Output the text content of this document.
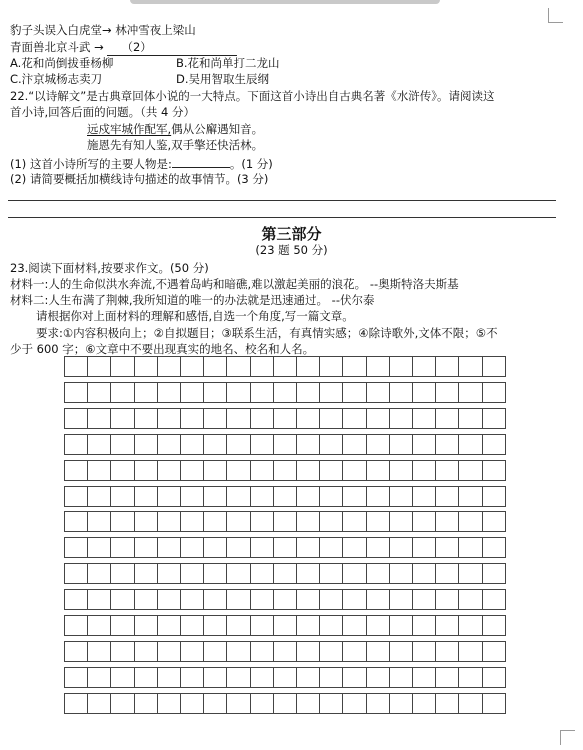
豹子头误入白虎堂→ 林冲雪夜上梁山
青面兽北京斗武 → （2）
A.花和尚倒拔垂杨柳	B.花和尚单打二龙山
C.汴京城杨志卖刀	D.吴用智取生辰纲
22.“以诗解文”是古典章回体小说的一大特点。下面这首小诗出自古典名著《水浒传》。请阅读这
首小诗,回答后面的问题。（共 4 分）
远戍牢城作配军,偶从公廨遇知音。
施恩先有知人鉴,双手擎还快活林。
(1) 这首小诗所写的主要人物是:	。(1 分)
(2) 请简要概括加横线诗句描述的故事情节。(3 分)
第三部分
(23 题 50 分)
23.阅读下面材料,按要求作文。(50 分)
材料一:人的生命似洪水奔流,不遇着岛屿和暗礁,难以激起美丽的浪花。 --奥斯特洛夫斯基
材料二:人生布满了荆棘,我所知道的唯一的办法就是迅速通过。 --伏尔泰
请根据你对上面材料的理解和感悟,自选一个角度,写一篇文章。
要求:①内容积极向上；②自拟题目；③联系生活，有真情实感；④除诗歌外,文体不限；⑤不
少于 600 字；⑥文章中不要出现真实的地名、校名和人名。
